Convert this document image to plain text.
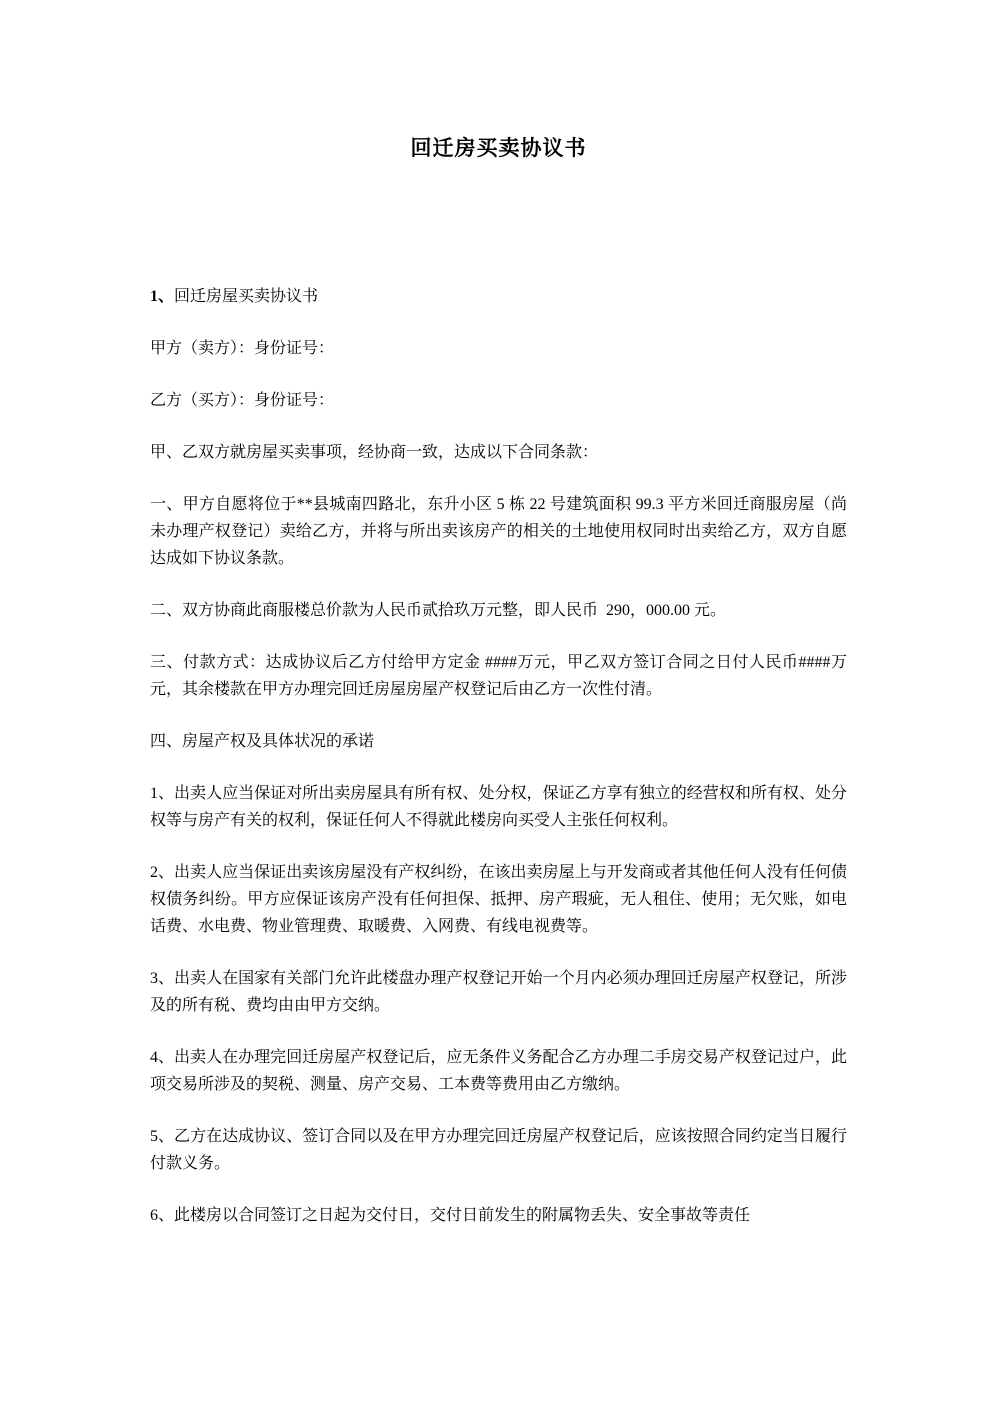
回迁房买卖协议书

1、回迁房屋买卖协议书

甲方（卖方）：身份证号：

乙方（买方）：身份证号：

甲、乙双方就房屋买卖事项，经协商一致，达成以下合同条款：

一、甲方自愿将位于**县城南四路北，东升小区 5 栋 22 号建筑面积 99.3 平方米回迁商服房屋（尚未办理产权登记）卖给乙方，并将与所出卖该房产的相关的土地使用权同时出卖给乙方，双方自愿达成如下协议条款。

二、双方协商此商服楼总价款为人民币贰拾玖万元整，即人民币  290，000.00 元。

三、付款方式：达成协议后乙方付给甲方定金 ####万元，甲乙双方签订合同之日付人民币####万元，其余楼款在甲方办理完回迁房屋房屋产权登记后由乙方一次性付清。

四、房屋产权及具体状况的承诺

1、出卖人应当保证对所出卖房屋具有所有权、处分权，保证乙方享有独立的经营权和所有权、处分权等与房产有关的权利，保证任何人不得就此楼房向买受人主张任何权利。

2、出卖人应当保证出卖该房屋没有产权纠纷，在该出卖房屋上与开发商或者其他任何人没有任何债权债务纠纷。甲方应保证该房产没有任何担保、抵押、房产瑕疵，无人租住、使用；无欠账，如电话费、水电费、物业管理费、取暖费、入网费、有线电视费等。

3、出卖人在国家有关部门允许此楼盘办理产权登记开始一个月内必须办理回迁房屋产权登记，所涉及的所有税、费均由由甲方交纳。

4、出卖人在办理完回迁房屋产权登记后，应无条件义务配合乙方办理二手房交易产权登记过户，此项交易所涉及的契税、测量、房产交易、工本费等费用由乙方缴纳。

5、乙方在达成协议、签订合同以及在甲方办理完回迁房屋产权登记后，应该按照合同约定当日履行付款义务。

6、此楼房以合同签订之日起为交付日，交付日前发生的附属物丢失、安全事故等责任
